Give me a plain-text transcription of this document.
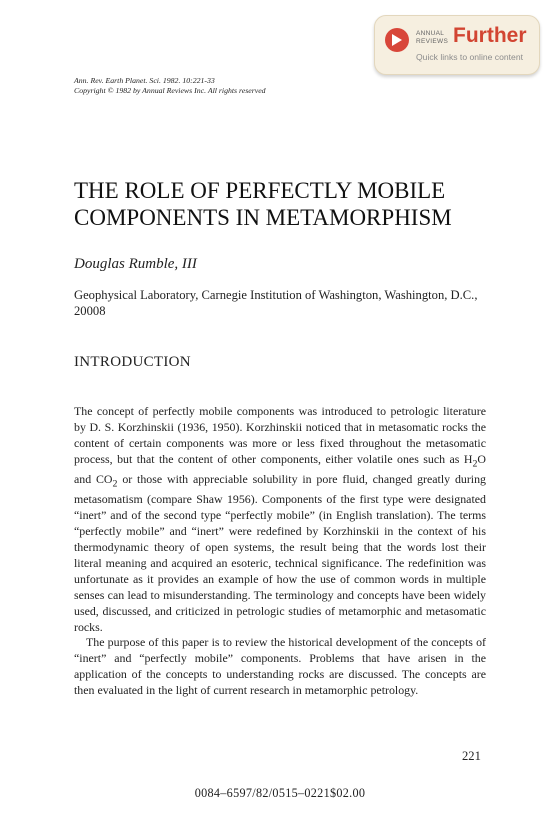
ANNUAL
REVIEWS Further
Quick links to online content
Ann. Rev. Earth Planet. Sci. 1982. 10:221-33
Copyright © 1982 by Annual Reviews Inc. All rights reserved
THE ROLE OF PERFECTLY MOBILE
COMPONENTS IN METAMORPHISM
Douglas Rumble, III
Geophysical Laboratory, Carnegie Institution of Washington, Washington, D.C., 20008
INTRODUCTION

The concept of perfectly mobile components was introduced to petrologic literature by D. S. Korzhinskii (1936, 1950). Korzhinskii noticed that in metasomatic rocks the content of certain components was more or less fixed throughout the metasomatic process, but that the content of other components, either volatile ones such as $H_2O$ and $CO_2$ or those with appreciable solubility in pore fluid, changed greatly during metasomatism (compare Shaw 1956). Components of the first type were designated “inert” and of the second type “perfectly mobile” (in English translation). The terms “perfectly mobile” and “inert” were redefined by Korzhinskii in the context of his thermodynamic theory of open systems, the result being that the words lost their literal meaning and acquired an esoteric, technical significance. The redefinition was unfortunate as it provides an example of how the use of common words in multiple senses can lead to misunderstanding. The terminology and concepts have been widely used, discussed, and criticized in petrologic studies of metamorphic and metasomatic rocks.

The purpose of this paper is to review the historical development of the concepts of “inert” and “perfectly mobile” components. Problems that have arisen in the application of the concepts to understanding rocks are discussed. The concepts are then evaluated in the light of current research in metamorphic petrology.

221
0084–6597/82/0515–0221$02.00
